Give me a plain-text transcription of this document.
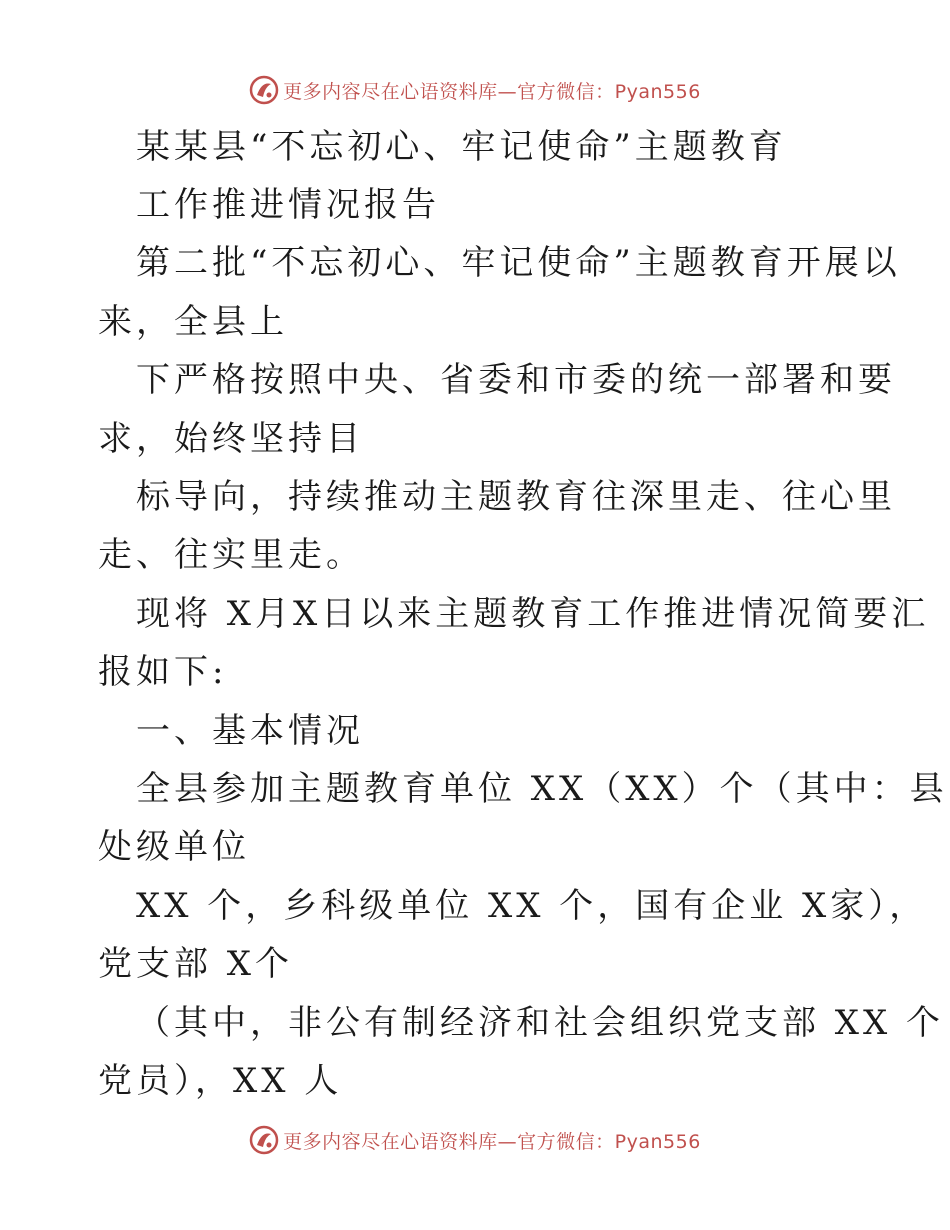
更多内容尽在心语资料库—官方微信：Pyan556
某某县“不忘初心、牢记使命”主题教育
工作推进情况报告
第二批“不忘初心、牢记使命”主题教育开展以
来，全县上
下严格按照中央、省委和市委的统一部署和要
求，始终坚持目
标导向，持续推动主题教育往深里走、往心里
走、往实里走。
现将 X月X日以来主题教育工作推进情况简要汇
报如下:
一、基本情况
全县参加主题教育单位 XX（XX）个（其中：县
处级单位
XX 个，乡科级单位 XX 个，国有企业 X家），
党支部 X个
（其中，非公有制经济和社会组织党支部 XX 个
党员），XX 人
更多内容尽在心语资料库—官方微信：Pyan556
